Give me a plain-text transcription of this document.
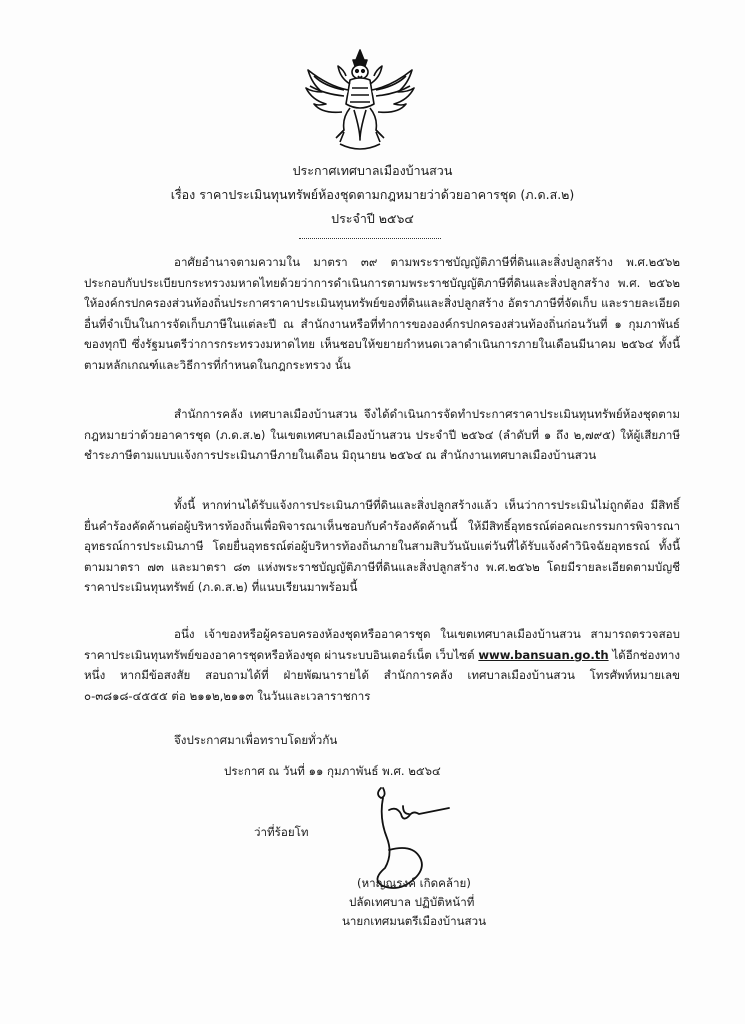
ประกาศเทศบาลเมืองบ้านสวน
เรื่อง ราคาประเมินทุนทรัพย์ห้องชุดตามกฎหมายว่าด้วยอาคารชุด (ภ.ด.ส.๒)
ประจำปี ๒๕๖๔

อาศัยอำนาจตามความใน มาตรา ๓๙ ตามพระราชบัญญัติภาษีที่ดินและสิ่งปลูกสร้าง พ.ศ.๒๕๖๒ ประกอบกับประเบียบกระทรวงมหาดไทยด้วยว่าการดำเนินการตามพระราชบัญญัติภาษีที่ดินและสิ่งปลูกสร้าง พ.ศ. ๒๕๖๒ ให้องค์กรปกครองส่วนท้องถิ่นประกาศราคาประเมินทุนทรัพย์ของที่ดินและสิ่งปลูกสร้าง อัตราภาษีที่จัดเก็บ และรายละเอียดอื่นที่จำเป็นในการจัดเก็บภาษีในแต่ละปี ณ สำนักงานหรือที่ทำการขององค์กรปกครองส่วนท้องถิ่นก่อนวันที่ ๑ กุมภาพันธ์ของทุกปี ซึ่งรัฐมนตรีว่าการกระทรวงมหาดไทย เห็นชอบให้ขยายกำหนดเวลาดำเนินการภายในเดือนมีนาคม ๒๕๖๔ ทั้งนี้ ตามหลักเกณฑ์และวิธีการที่กำหนดในกฎกระทรวง นั้น

สำนักการคลัง เทศบาลเมืองบ้านสวน จึงได้ดำเนินการจัดทำประกาศราคาประเมินทุนทรัพย์ห้องชุดตามกฎหมายว่าด้วยอาคารชุด (ภ.ด.ส.๒) ในเขตเทศบาลเมืองบ้านสวน ประจำปี ๒๕๖๔ (ลำดับที่ ๑ ถึง ๒,๗๙๕) ให้ผู้เสียภาษีชำระภาษีตามแบบแจ้งการประเมินภาษีภายในเดือน มิถุนายน ๒๕๖๔ ณ สำนักงานเทศบาลเมืองบ้านสวน

ทั้งนี้ หากท่านได้รับแจ้งการประเมินภาษีที่ดินและสิ่งปลูกสร้างแล้ว เห็นว่าการประเมินไม่ถูกต้อง มีสิทธิ์ยื่นคำร้องคัดค้านต่อผู้บริหารท้องถิ่นเพื่อพิจารณาเห็นชอบกับคำร้องคัดค้านนี้ ให้มีสิทธิ์อุทธรณ์ต่อคณะกรรมการพิจารณาอุทธรณ์การประเมินภาษี โดยยื่นอุทธรณ์ต่อผู้บริหารท้องถิ่นภายในสามสิบวันนับแต่วันที่ได้รับแจ้งคำวินิจฉัยอุทธรณ์ ทั้งนี้ ตามมาตรา ๗๓ และมาตรา ๘๓ แห่งพระราชบัญญัติภาษีที่ดินและสิ่งปลูกสร้าง พ.ศ.๒๕๖๒ โดยมีรายละเอียดตามบัญชีราคาประเมินทุนทรัพย์ (ภ.ด.ส.๒) ที่แนบเรียนมาพร้อมนี้

อนึ่ง เจ้าของหรือผู้ครอบครองห้องชุดหรืออาคารชุด ในเขตเทศบาลเมืองบ้านสวน สามารถตรวจสอบราคาประเมินทุนทรัพย์ของอาคารชุดหรือห้องชุด ผ่านระบบอินเตอร์เน็ต เว็บไซต์ www.bansuan.go.th ได้อีกช่องทางหนึ่ง หากมีข้อสงสัย สอบถามได้ที่ ฝ่ายพัฒนารายได้ สำนักการคลัง เทศบาลเมืองบ้านสวน โทรศัพท์หมายเลข ๐-๓๘๑๘-๔๕๕๕ ต่อ ๒๑๑๒,๒๑๑๓ ในวันและเวลาราชการ

จึงประกาศมาเพื่อทราบโดยทั่วกัน
ประกาศ ณ วันที่ ๑๑ กุมภาพันธ์ พ.ศ. ๒๕๖๔
ว่าที่ร้อยโท
(หาญณรงค์ เกิดคล้าย)
ปลัดเทศบาล ปฏิบัติหน้าที่
นายกเทศมนตรีเมืองบ้านสวน
